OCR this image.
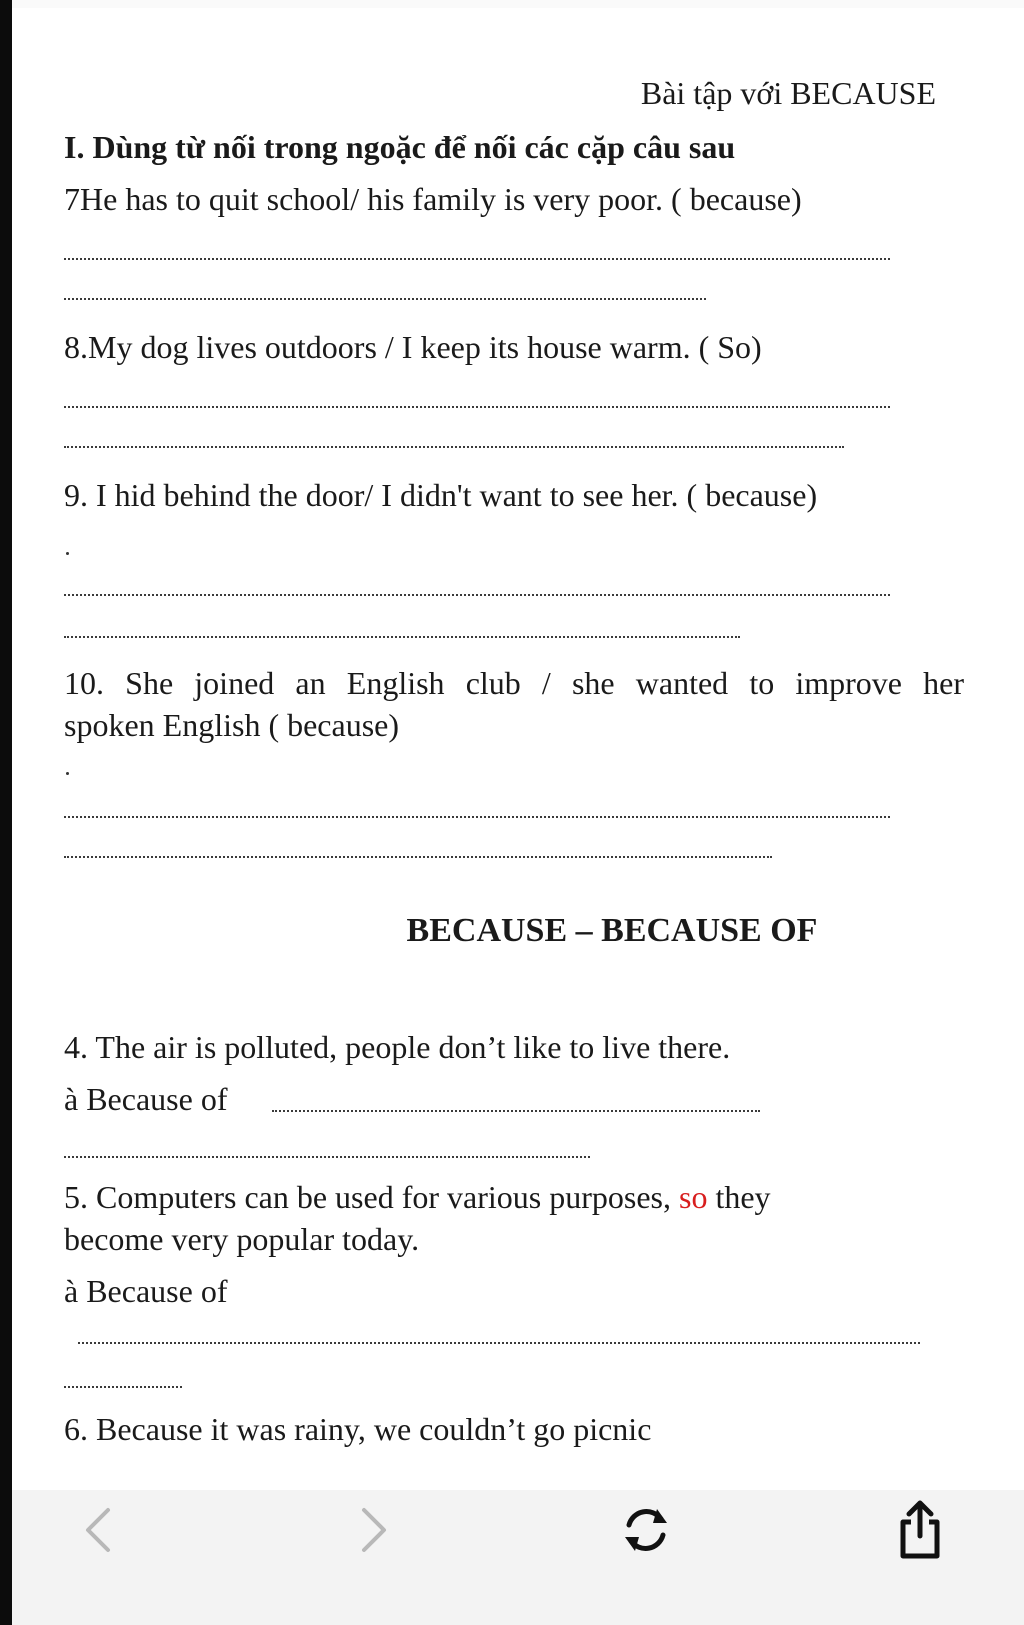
Bài tập với BECAUSE
I. Dùng từ nối trong ngoặc để nối các cặp câu sau
7He has to quit school/ his family is very poor. ( because)
8.My dog lives outdoors / I keep its house warm. ( So)
9. I hid behind the door/ I didn't want to see her. ( because)
10. She joined an English club / she wanted to improve her
spoken English ( because)
BECAUSE – BECAUSE OF
4. The air is polluted, people don’t like to live there.
à Because of
5. Computers can be used for various purposes, so they
become very popular today.
à Because of
6. Because it was rainy, we couldn’t go picnic
